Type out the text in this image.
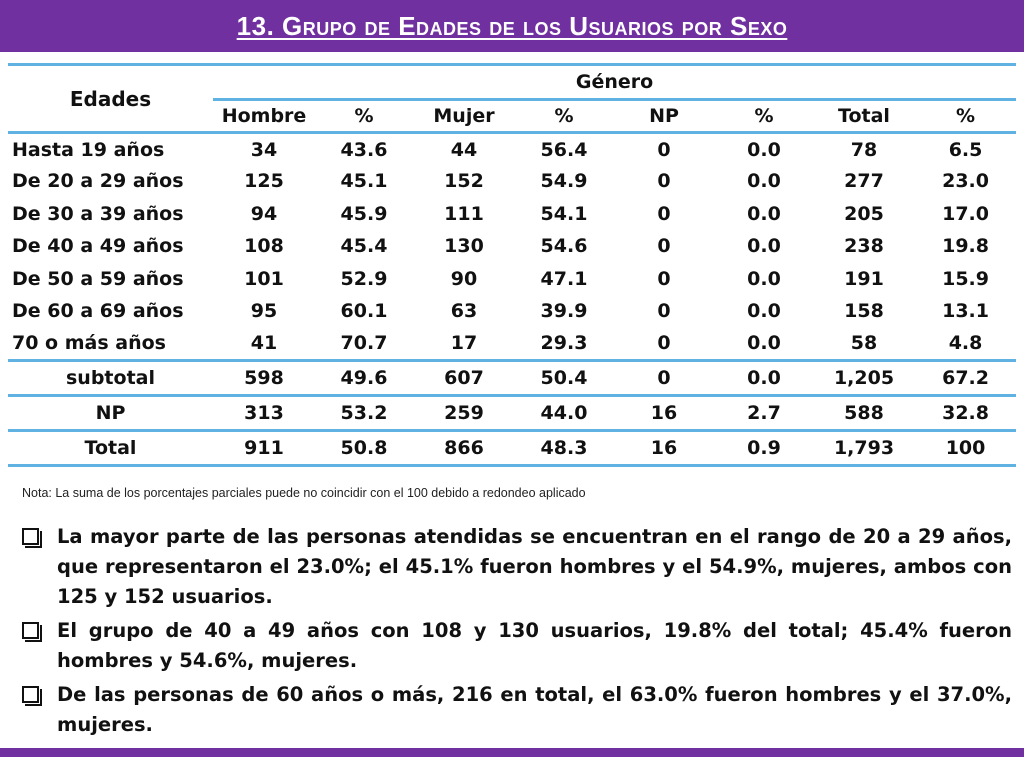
13. Grupo de Edades de los Usuarios por Sexo
Edades	Género							
	Hombre	%	Mujer	%	NP	%	Total	%
Hasta 19 años	34	43.6	44	56.4	0	0.0	78	6.5
De 20 a 29 años	125	45.1	152	54.9	0	0.0	277	23.0
De 30 a 39 años	94	45.9	111	54.1	0	0.0	205	17.0
De 40 a 49 años	108	45.4	130	54.6	0	0.0	238	19.8
De 50 a 59 años	101	52.9	90	47.1	0	0.0	191	15.9
De 60 a 69 años	95	60.1	63	39.9	0	0.0	158	13.1
70 o más años	41	70.7	17	29.3	0	0.0	58	4.8
subtotal	598	49.6	607	50.4	0	0.0	1,205	67.2
NP	313	53.2	259	44.0	16	2.7	588	32.8
Total	911	50.8	866	48.3	16	0.9	1,793	100
Nota: La suma de los porcentajes parciales puede no coincidir con el 100 debido a redondeo aplicado
La mayor parte de las personas atendidas se encuentran en el rango de 20 a 29 años, que representaron el 23.0%; el 45.1% fueron hombres y el 54.9%, mujeres, ambos con 125 y 152 usuarios.
El grupo de 40 a 49 años con 108 y 130 usuarios, 19.8% del total; 45.4% fueron hombres y 54.6%, mujeres.
De las personas de 60 años o más, 216 en total, el 63.0% fueron hombres y el 37.0%, mujeres.
